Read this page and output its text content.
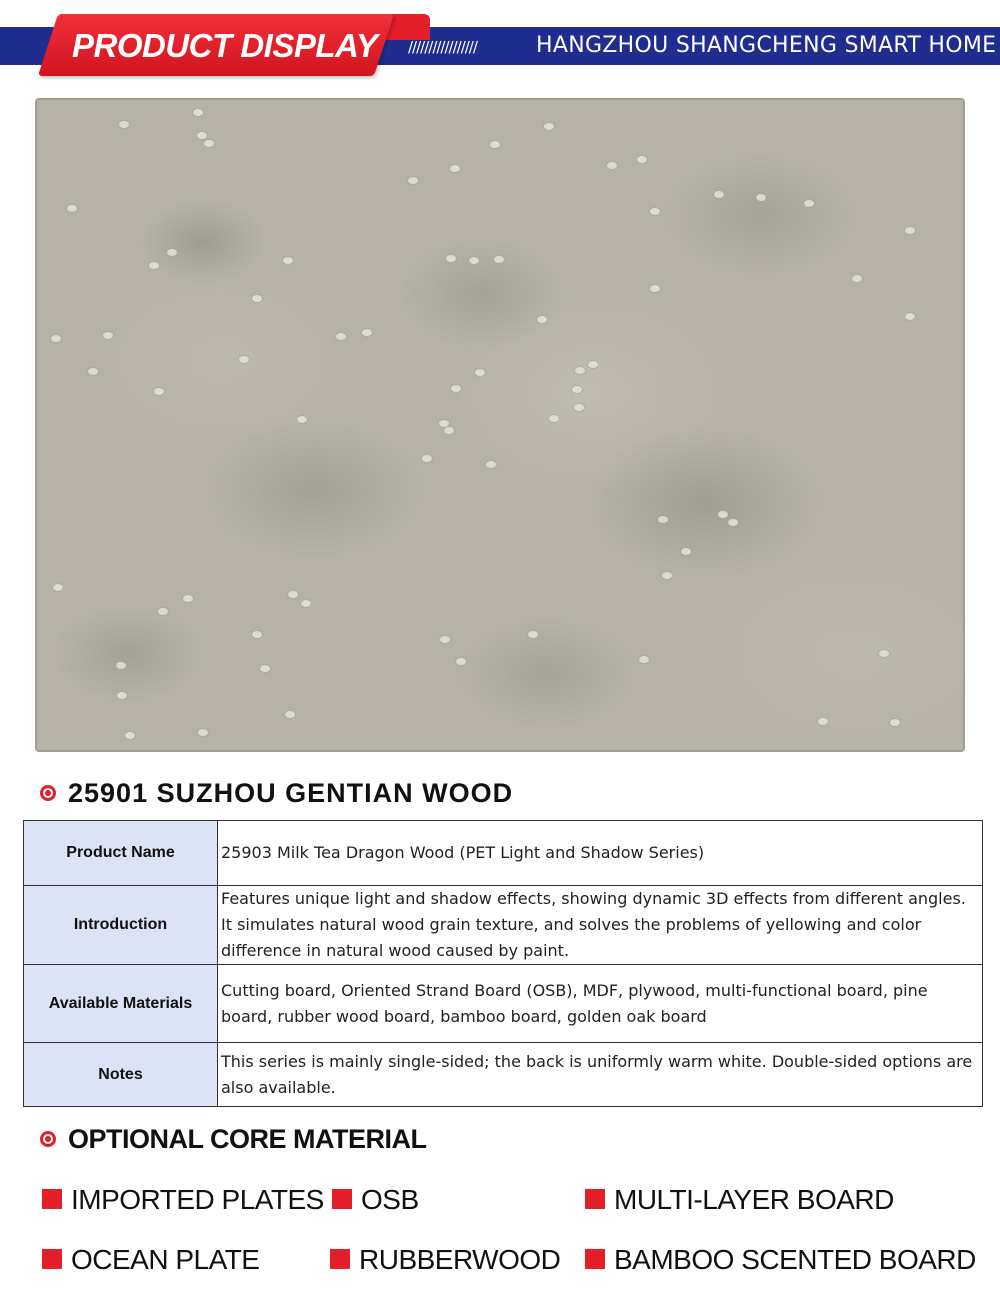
PRODUCT DISPLAY /////////////////	HANGZHOU SHANGCHENG SMART HOME
25901 SUZHOU GENTIAN WOOD
Product Name	25903 Milk Tea Dragon Wood (PET Light and Shadow Series)
Introduction	Features unique light and shadow effects, showing dynamic 3D effects from different angles. It simulates natural wood grain texture, and solves the problems of yellowing and color difference in natural wood caused by paint.
Available Materials	Cutting board, Oriented Strand Board (OSB), MDF, plywood, multi-functional board, pine board, rubber wood board, bamboo board, golden oak board
Notes	This series is mainly single-sided; the back is uniformly warm white. Double-sided options are also available.
OPTIONAL CORE MATERIAL
IMPORTED PLATES	OSB	MULTI-LAYER BOARD
OCEAN PLATE	RUBBERWOOD	BAMBOO SCENTED BOARD
